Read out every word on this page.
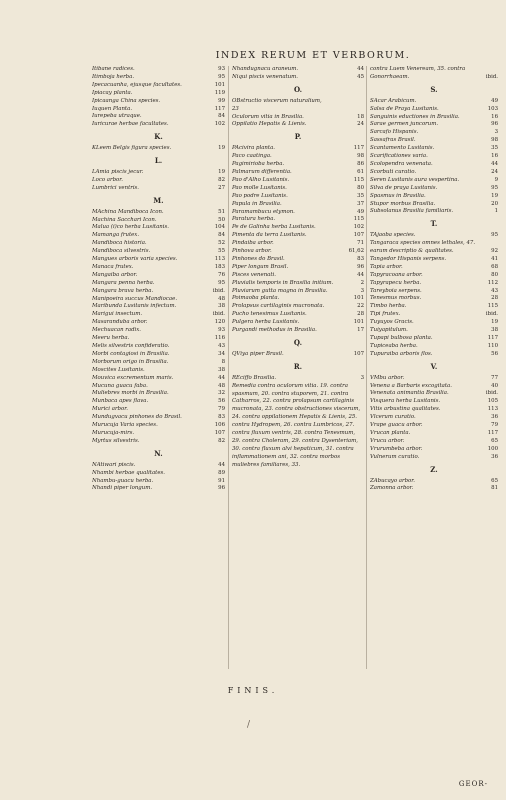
INDEX RERUM ET VERBORUM.
Itibane radices.	93
Itimboja herba.	95
Ipecacuanha, ejusque facultates.	101
Ipiacay planta.	119
Ipicaanga China species.	99
Iuquen Planta.	117
Iurepeba utraque.	84
Iuricurae herbae facultates.	102
K.
KLeem Belgis figura species.	19
L.
LAmia piscis jecur.	19
Loco arbor.	82
Lumbrici ventris.	27
M.
MAchina Mandiboca Icon.	51
Machina Sacchari Icon.	50
Malua (i)co herba Lusitanis.	104
Mamanga frutex.	84
Mandiboca historia.	52
Mandiboca silvestris.	55
Mangues arboris varia species.	113
Manaca frutex.	183
Mangaiba arbor.	76
Mangara penna herba.	95
Mangara brava herba.	ibid.
Manipoeira succus Mandiocae.	48
Maribunda Lusitanis infectum.	38
Marigui insectum.	ibid.
Masaranduba arbor.	120
Mechuacan radix.	93
Meeru herba.	116
Melis silvestris confideratio.	43
Morbi contagiosi in Brasilia.	34
Morborum origo in Brasilia.	8
Moscites Lusitanis.	38
Mouvica excrementum maris.	44
Mucuna guacu faba.	48
Muliebres morbi in Brasilia.	32
Munbaca apes flava.	56
Murici arbor.	79
Mundugvacu pinhones do Brasil.	83
Murucuja Varia species.	106
Murucuja-mirs.	107
Myrtus silvestris.	82
N.
NAtiwari piscis.	44
Nhambi herbae qualitates.	89
Nhambu-guacu herba.	91
Nhandi piper longum.	96
Nhandugnacu araneum.	44
Niqui piscis venenatum.	45
O.
OBstructio viscerum naturalium,
23
Oculorum vitia in Brasilia.	18
Oppilatio Hepatis & Lienis.	24
P.
PAcivira planta.	117
Paco caatinga.	98
Pagimirioba herba.	86
Palmarum differentia.	61
Pao d'Alho Lusitanis.	115
Pao molle Lusitanis.	80
Pao podre Lusitanis.	35
Papula in Brasilia.	37
Paramambucu etymon.	49
Paratura herba.	115
Pe de Galinha herba Lusitanis.	102
Pimenta da terra Lusitanis.	107
Pindaiba arbor.	71
Pinhova arbor.	61,62
Pinhones do Brasil.	83
Piper longum Brasil.	96
Pisces venenati.	44
Pluvialis temporis in Brasilia initium.	2
Pluviarum gutta magna in Brasilia.	3
Poimaoba planta.	101
Prolapsus cartilaginis mucronata.	22
Pucho tenesimus Lusitanis.	28
Pulgera herba Lusitanis.	101
Purgandi methodus in Brasilia.	17
Q.
QViya piper Brasil.	107
R.
REciffo Brasilia.	3
Remedia contra oculorum vitia. 19. contra spasmum, 20. contra stuporem, 21. contra Catharros, 22. contra prolapsum cartilaginis mucronata, 23. contra obstructiones viscerum, 24. contra oppilationem Hepatis & Lienis, 25. contra Hydropem, 26. contra Lumbricos, 27. contra fluxum ventris, 28. contra Tenesmum, 29. contra Choleram, 29. contra Dysenteriam, 30. contra fluxum alvi hepaticum, 31. contra inflammationem ani, 32. contra morbos muliebres familiares, 33.
contra Luem Veneream, 35. contra
Gonorrhaeam.	ibid.
S.
SAcar Arabicum.	49
Salsa de Praya Lusitanis.	103
Sanguinis eductiones in Brasilia.	16
Sarae germen juncorum.	96
Sarcafo Hispanis.	3
Sassafras Brasil.	98
Scantamento Lusitanis.	35
Scarificationes varia.	16
Scolopendra venenata.	44
Scorbuti curatio.	24
Seren Lusitanis aura vespertina.	9
Silva de praya Lusitanis.	95
Spasmus in Brasilia.	19
Stupor morbus Brasilia.	20
Subsolanus Brasilia familiaris.	1
T.
TAjaoba species.	95
Tangaraca species omnes lethales, 47. earum descriptio & qualitates.	92
Tangedor Hispanis serpens.	41
Tapia arbor.	68
Tapyracoana arbor.	80
Tapyrapecu herba.	112
Tareyboia serpens.	43
Tenesmus morbus.	28
Timbo herba.	115
Tipi frutex.	ibid.
Tuyuyos Gracis.	19
Tuiyapitulum.	38
Tupapi bulbosa planta.	117
Tupiceaba herba.	110
Tupuraiba arboris flos.	56
V.
VMbu arbor.	77
Venena a Barbaris excogitata.	40
Venenata animantia Brasilia.	ibid.
Visquera herba Lusitanis.	105
Vitis arbustina qualitates.	113
Vlcerum curatio.	36
Vrape guacu arbor.	79
Vrucan planta.	117
Vrucu arbor.	65
Vrurumbeba arbor.	100
Vulnerum curatio.	36
Z.
ZAbucayo arbor.	65
Zamonna arbor.	81
FINIS.
/
GEOR-
